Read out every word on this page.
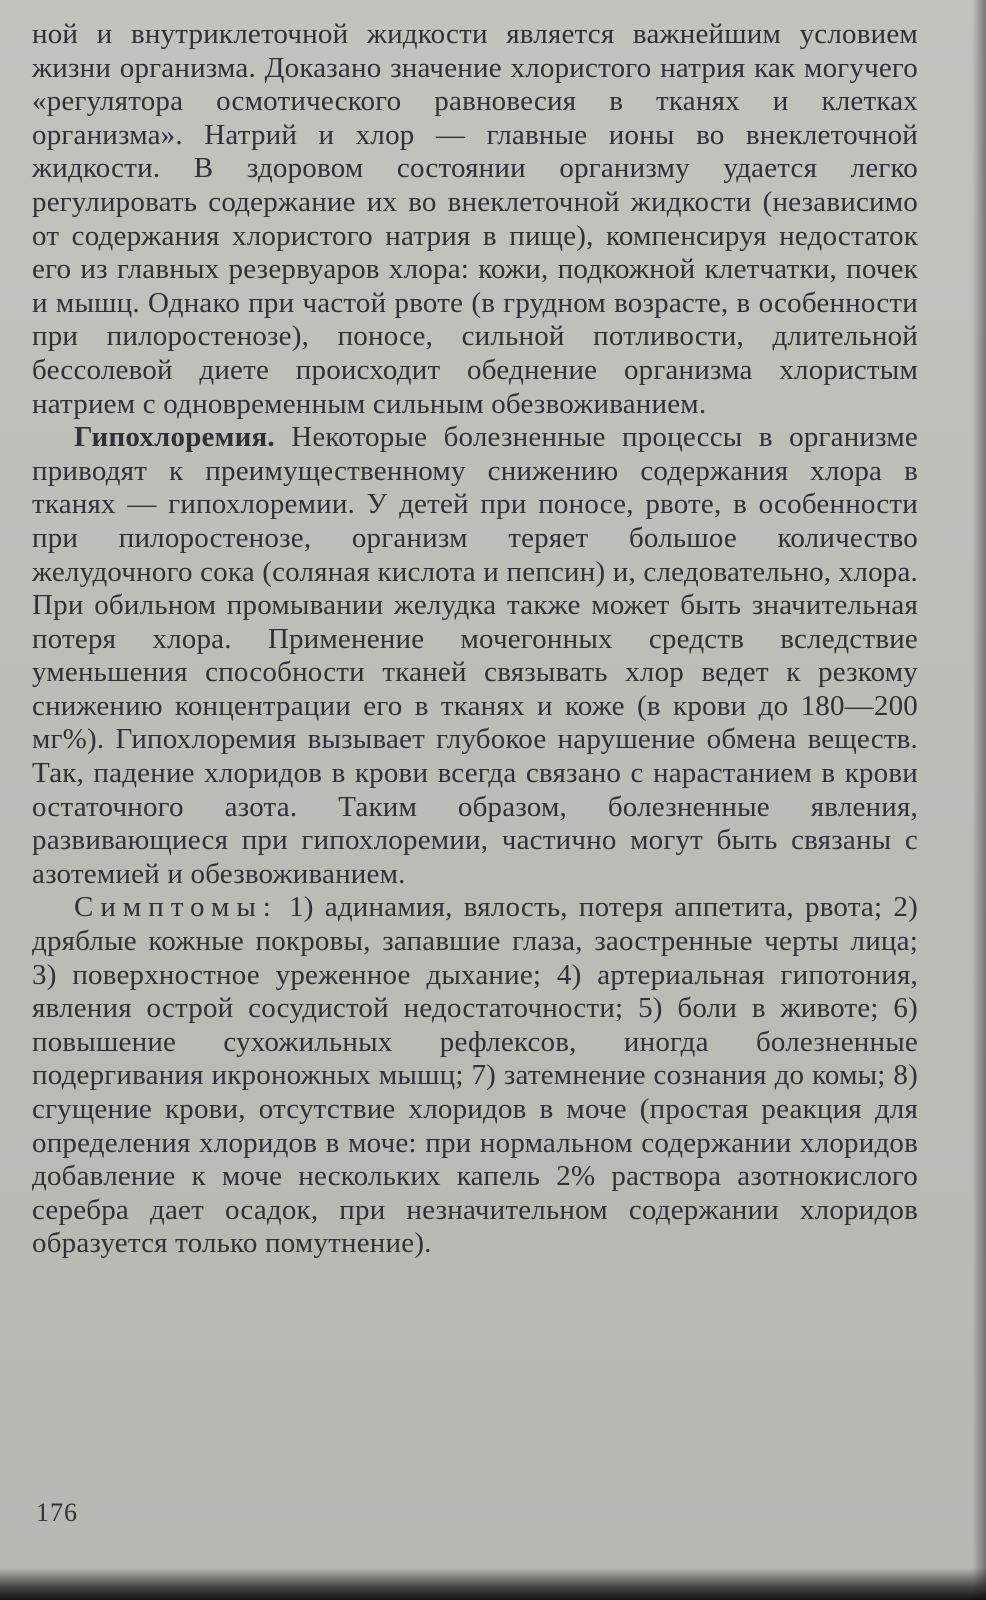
ной и внутриклеточной жидкости является важнейшим условием жизни организма. Доказано значение хлористого натрия как могучего «регулятора осмотического равновесия в тканях и клетках организма». Натрий и хлор — главные ионы во внеклеточной жидкости. В здоровом состоянии организму удается легко регулировать содержание их во внеклеточной жидкости (независимо от содержания хлористого натрия в пище), компенсируя недостаток его из главных резервуаров хлора: кожи, подкожной клетчатки, почек и мышц. Однако при частой рвоте (в грудном возрасте, в особенности при пилоростенозе), поносе, сильной потливости, длительной бессолевой диете происходит обеднение организма хлористым натрием с одновременным сильным обезвоживанием.

Гипохлоремия. Некоторые болезненные процессы в организме приводят к преимущественному снижению содержания хлора в тканях — гипохлоремии. У детей при поносе, рвоте, в особенности при пилоростенозе, организм теряет большое количество желудочного сока (соляная кислота и пепсин) и, следовательно, хлора. При обильном промывании желудка также может быть значительная потеря хлора. Применение мочегонных средств вследствие уменьшения способности тканей связывать хлор ведет к резкому снижению концентрации его в тканях и коже (в крови до 180—200 мг%). Гипохлоремия вызывает глубокое нарушение обмена веществ. Так, падение хлоридов в крови всегда связано с нарастанием в крови остаточного азота. Таким образом, болезненные явления, развивающиеся при гипохлоремии, частично могут быть связаны с азотемией и обезвоживанием.

Симптомы: 1) адинамия, вялость, потеря аппетита, рвота; 2) дряблые кожные покровы, запавшие глаза, заостренные черты лица; 3) поверхностное уреженное дыхание; 4) артериальная гипотония, явления острой сосудистой недостаточности; 5) боли в животе; 6) повышение сухожильных рефлексов, иногда болезненные подергивания икроножных мышц; 7) затемнение сознания до комы; 8) сгущение крови, отсутствие хлоридов в моче (простая реакция для определения хлоридов в моче: при нормальном содержании хлоридов добавление к моче нескольких капель 2% раствора азотнокислого серебра дает осадок, при незначительном содержании хлоридов образуется только помутнение).

176
